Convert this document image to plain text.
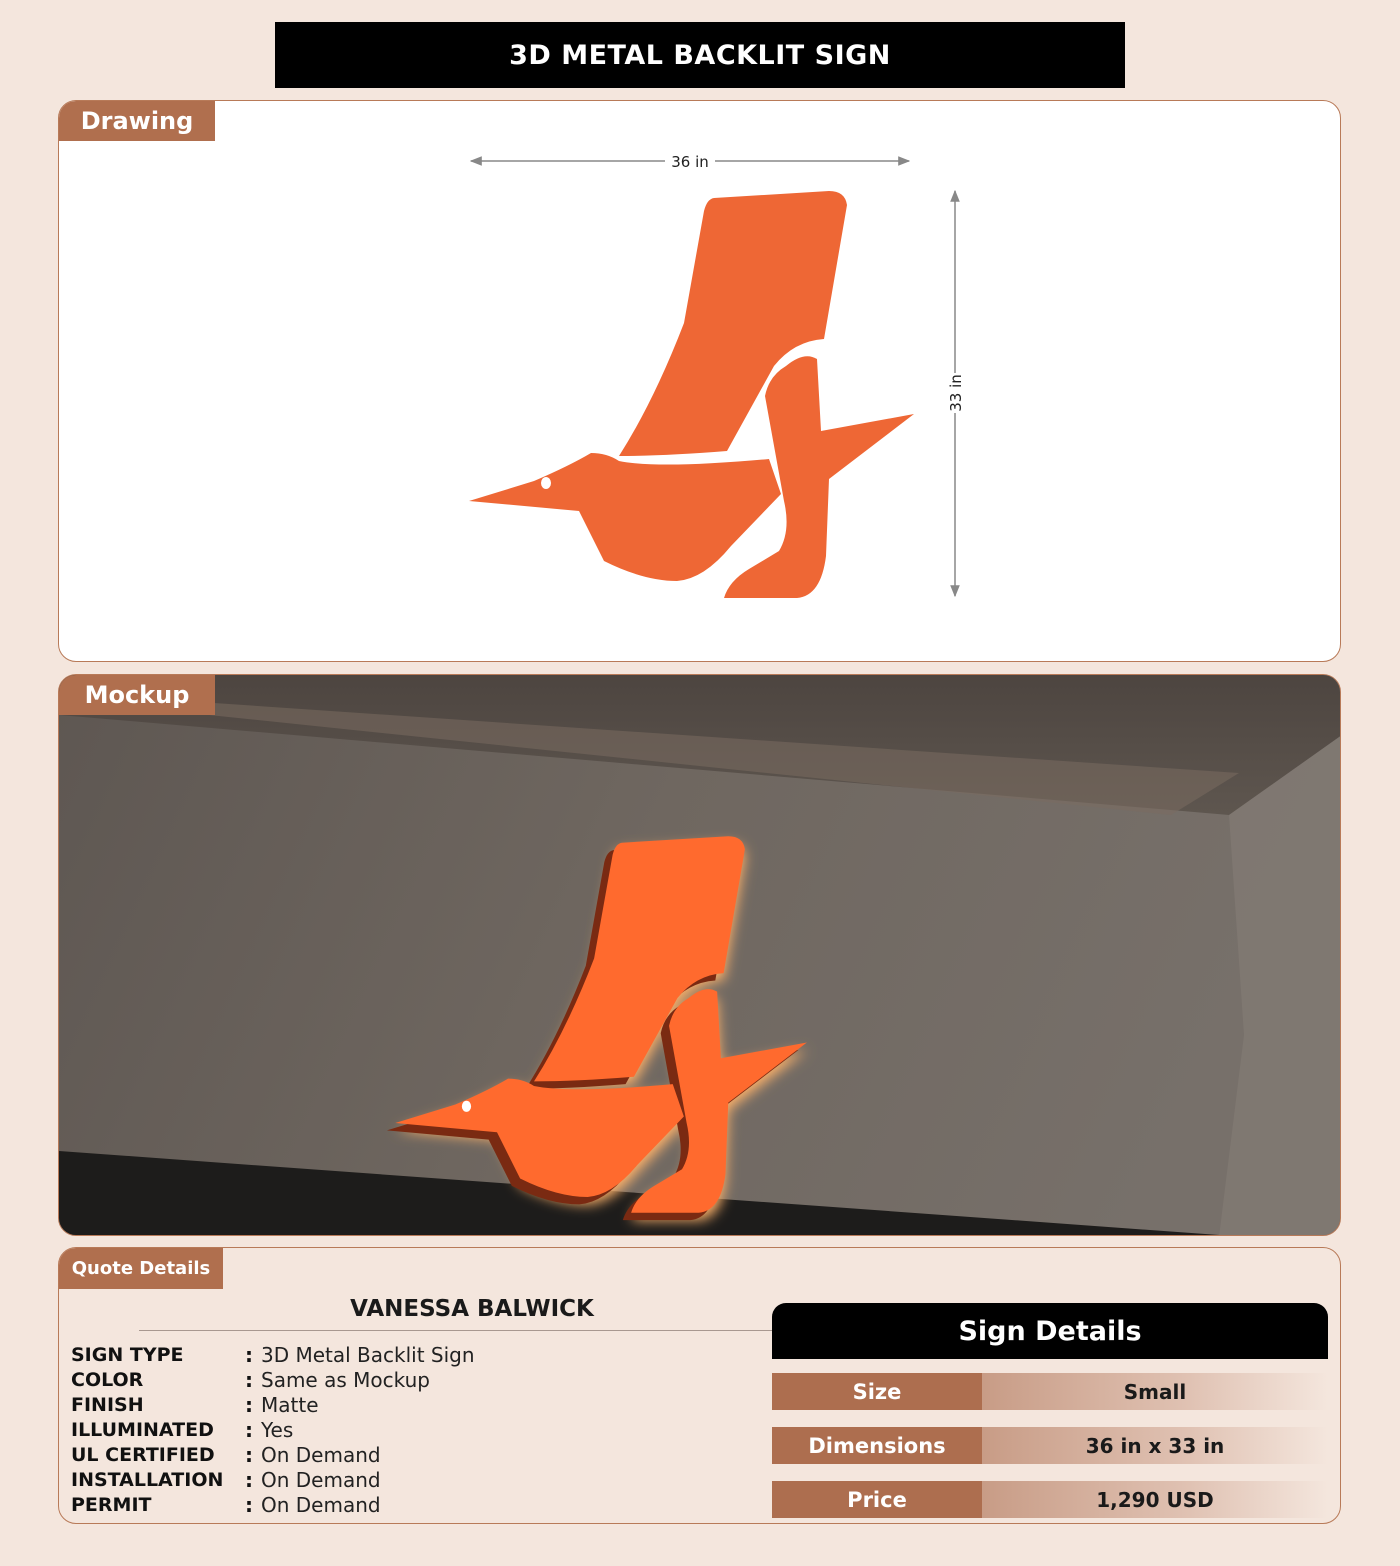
3D METAL BACKLIT SIGN
Drawing
36 in
33 in
Mockup
Quote Details
VANESSA BALWICK
SIGN TYPE	: 3D Metal Backlit Sign
COLOR	: Same as Mockup
FINISH	: Matte
ILLUMINATED	: Yes
UL CERTIFIED	: On Demand
INSTALLATION	: On Demand
PERMIT	: On Demand
Sign Details
Size	Small
Dimensions	36 in x 33 in
Price	1,290 USD
